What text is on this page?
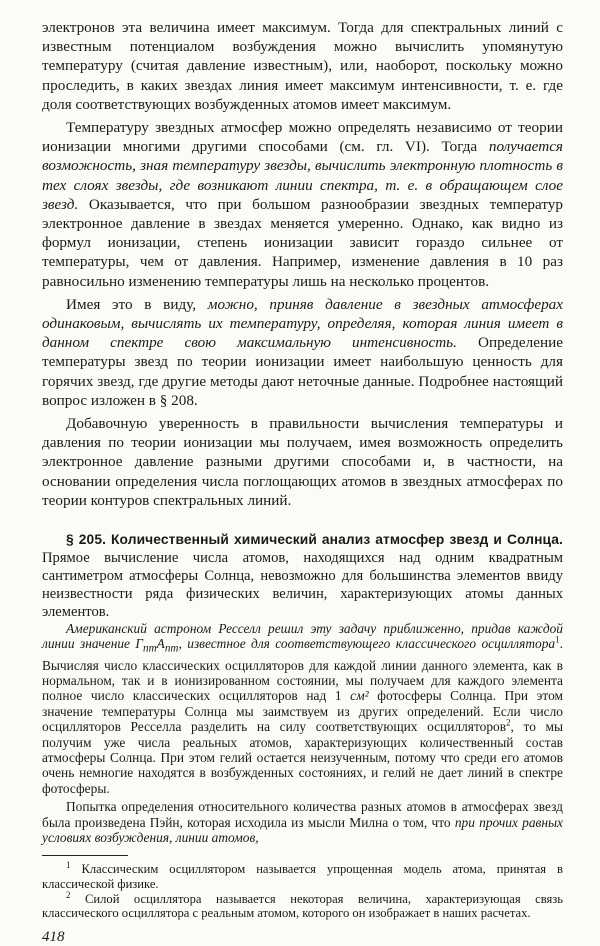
электронов эта величина имеет максимум. Тогда для спектральных линий с известным потенциалом возбуждения можно вычислить упомянутую температуру (считая давление известным), или, наоборот, поскольку можно проследить, в каких звездах линия имеет максимум интенсивности, т. е. где доля соответствующих возбужденных атомов имеет максимум.

Температуру звездных атмосфер можно определять независимо от теории ионизации многими другими способами (см. гл. VI). Тогда получается возможность, зная температуру звезды, вычислить электронную плотность в тех слоях звезды, где возникают линии спектра, т. е. в обращающем слое звезд. Оказывается, что при большом разнообразии звездных температур электронное давление в звездах меняется умеренно. Однако, как видно из формул ионизации, степень ионизации зависит гораздо сильнее от температуры, чем от давления. Например, изменение давления в 10 раз равносильно изменению температуры лишь на несколько процентов.

Имея это в виду, можно, приняв давление в звездных атмосферах одинаковым, вычислять их температуру, определяя, которая линия имеет в данном спектре свою максимальную интенсивность. Определение температуры звезд по теории ионизации имеет наибольшую ценность для горячих звезд, где другие методы дают неточные данные. Подробнее настоящий вопрос изложен в § 208.

Добавочную уверенность в правильности вычисления температуры и давления по теории ионизации мы получаем, имея возможность определить электронное давление разными другими способами и, в частности, на основании определения числа поглощающих атомов в звездных атмосферах по теории контуров спектральных линий.

§ 205. Количественный химический анализ атмосфер звезд и Солнца. Прямое вычисление числа атомов, находящихся над одним квадратным сантиметром атмосферы Солнца, невозможно для большинства элементов ввиду неизвестности ряда физических величин, характеризующих атомы данных элементов.

Американский астроном Ресселл решил эту задачу приближенно, придав каждой линии значение $\Gamma_{nm}A_{nm}$, известное для соответствующего классического осциллятора$^1$. Вычисляя число классических осцилляторов для каждой линии данного элемента, как в нормальном, так и в ионизированном состоянии, мы получаем для каждого элемента полное число классических осцилляторов над 1 см² фотосферы Солнца. При этом значение температуры Солнца мы заимствуем из других определений. Если число осцилляторов Ресселла разделить на силу соответствующих осцилляторов$^2$, то мы получим уже числа реальных атомов, характеризующих количественный состав атмосферы Солнца. При этом гелий остается неизученным, потому что среди его атомов очень немногие находятся в возбужденных состояниях, и гелий не дает линий в спектре фотосферы.

Попытка определения относительного количества разных атомов в атмосферах звезд была произведена Пэйн, которая исходила из мысли Милна о том, что при прочих равных условиях возбуждения, линии атомов,

$^1$ Классическим осциллятором называется упрощенная модель атома, принятая в классической физике.

$^2$ Силой осциллятора называется некоторая величина, характеризующая связь классического осциллятора с реальным атомом, которого он изображает в наших расчетах.

418
